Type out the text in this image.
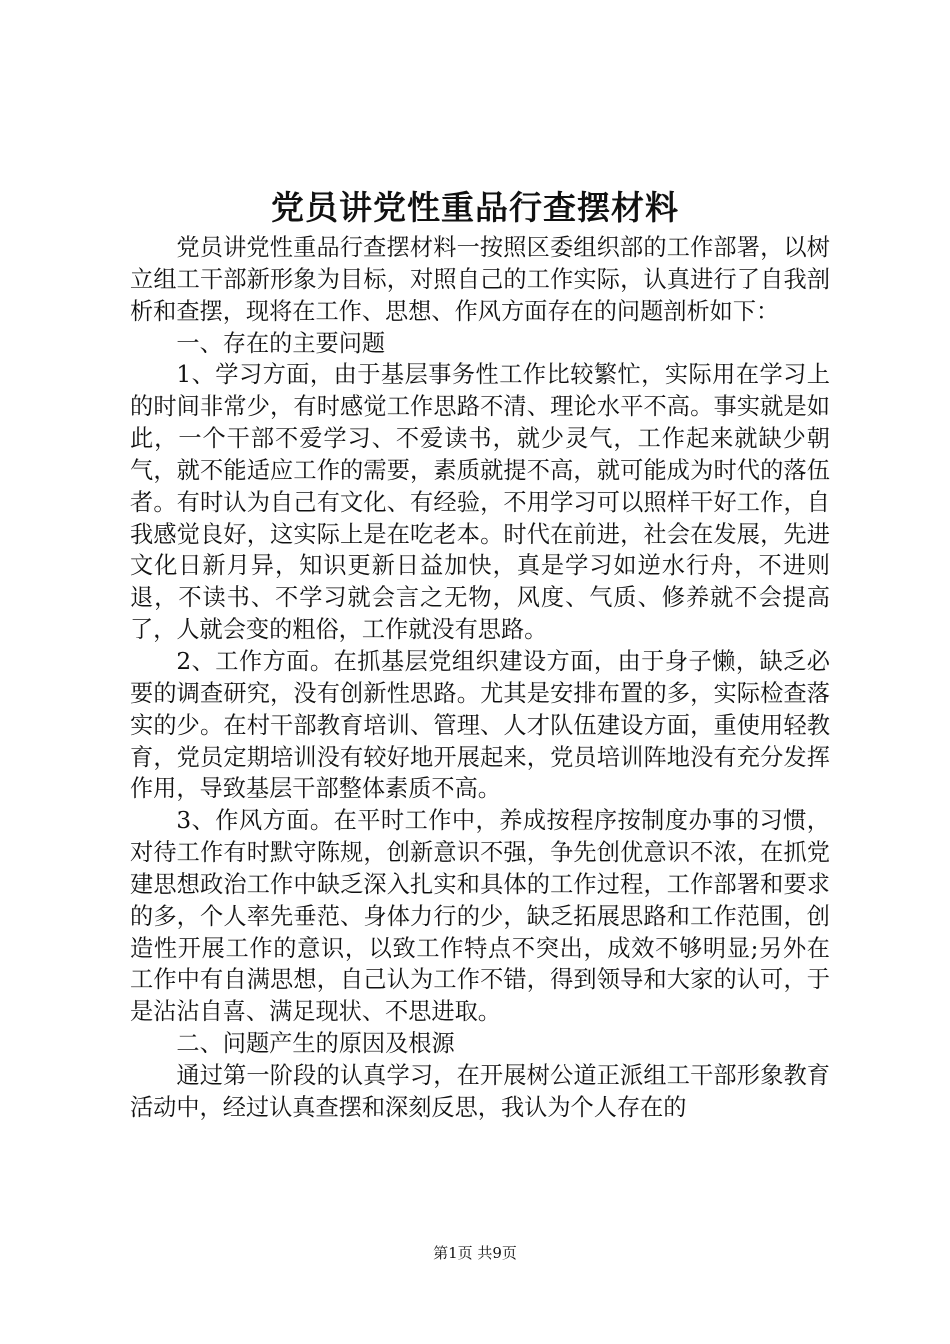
党员讲党性重品行查摆材料

党员讲党性重品行查摆材料一按照区委组织部的工作部署，以树立组工干部新形象为目标，对照自己的工作实际，认真进行了自我剖析和查摆，现将在工作、思想、作风方面存在的问题剖析如下：

一、存在的主要问题

1、学习方面，由于基层事务性工作比较繁忙，实际用在学习上的时间非常少，有时感觉工作思路不清、理论水平不高。事实就是如此，一个干部不爱学习、不爱读书，就少灵气，工作起来就缺少朝气，就不能适应工作的需要，素质就提不高，就可能成为时代的落伍者。有时认为自己有文化、有经验，不用学习可以照样干好工作，自我感觉良好，这实际上是在吃老本。时代在前进，社会在发展，先进文化日新月异，知识更新日益加快，真是学习如逆水行舟，不进则退，不读书、不学习就会言之无物，风度、气质、修养就不会提高了，人就会变的粗俗，工作就没有思路。

2、工作方面。在抓基层党组织建设方面，由于身子懒，缺乏必要的调查研究，没有创新性思路。尤其是安排布置的多，实际检查落实的少。在村干部教育培训、管理、人才队伍建设方面，重使用轻教育，党员定期培训没有较好地开展起来，党员培训阵地没有充分发挥作用，导致基层干部整体素质不高。

3、作风方面。在平时工作中，养成按程序按制度办事的习惯，对待工作有时默守陈规，创新意识不强，争先创优意识不浓，在抓党建思想政治工作中缺乏深入扎实和具体的工作过程，工作部署和要求的多，个人率先垂范、身体力行的少，缺乏拓展思路和工作范围，创造性开展工作的意识，以致工作特点不突出，成效不够明显;另外在工作中有自满思想，自己认为工作不错，得到领导和大家的认可，于是沾沾自喜、满足现状、不思进取。

二、问题产生的原因及根源

通过第一阶段的认真学习，在开展树公道正派组工干部形象教育活动中，经过认真查摆和深刻反思，我认为个人存在的

第1页 共9页
